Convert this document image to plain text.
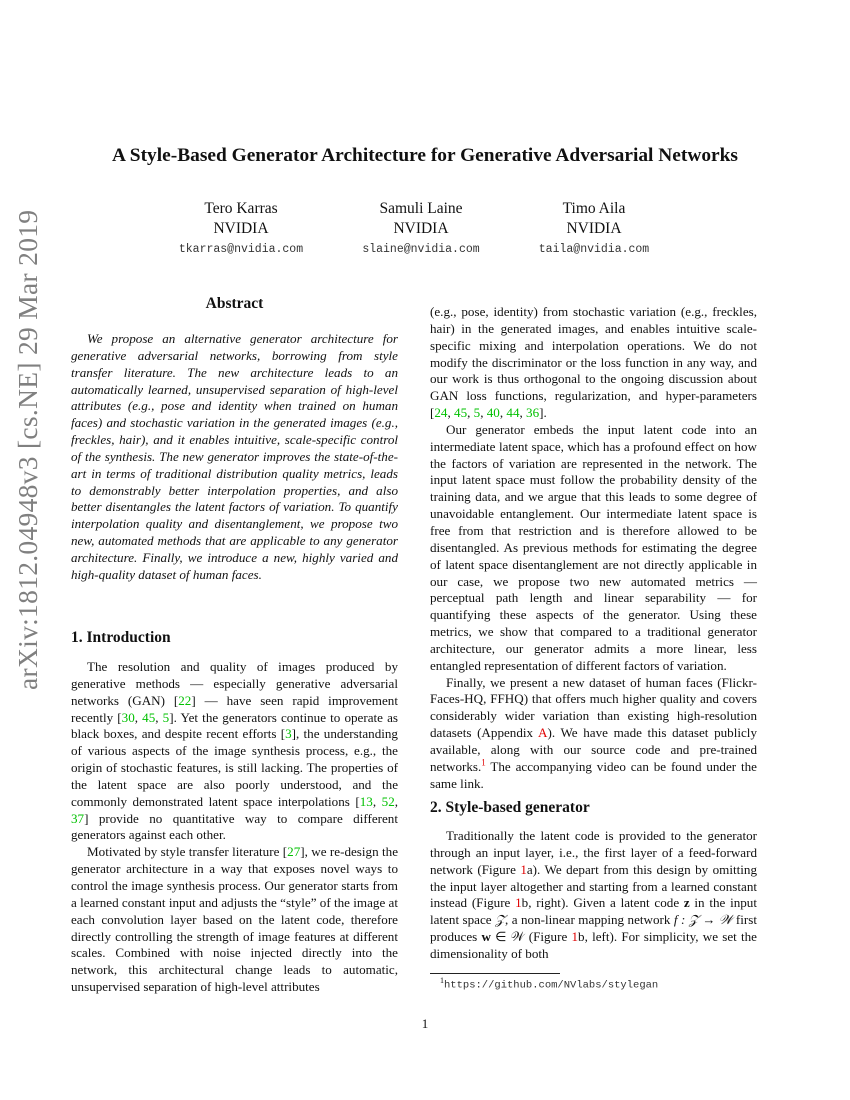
A Style-Based Generator Architecture for Generative Adversarial Networks
Tero Karras
NVIDIA
tkarras@nvidia.com
Samuli Laine
NVIDIA
slaine@nvidia.com
Timo Aila
NVIDIA
taila@nvidia.com
arXiv:1812.04948v3 [cs.NE] 29 Mar 2019	Abstract

We propose an alternative generator architecture for generative adversarial networks, borrowing from style transfer literature. The new architecture leads to an automatically learned, unsupervised separation of high-level attributes (e.g., pose and identity when trained on human faces) and stochastic variation in the generated images (e.g., freckles, hair), and it enables intuitive, scale-specific control of the synthesis. The new generator improves the state-of-the-art in terms of traditional distribution quality metrics, leads to demonstrably better interpolation properties, and also better disentangles the latent factors of variation. To quantify interpolation quality and disentanglement, we propose two new, automated methods that are applicable to any generator architecture. Finally, we introduce a new, highly varied and high-quality dataset of human faces.

1. Introduction

The resolution and quality of images produced by generative methods — especially generative adversarial networks (GAN) [22] — have seen rapid improvement recently [30, 45, 5]. Yet the generators continue to operate as black boxes, and despite recent efforts [3], the understanding of various aspects of the image synthesis process, e.g., the origin of stochastic features, is still lacking. The properties of the latent space are also poorly understood, and the commonly demonstrated latent space interpolations [13, 52, 37] provide no quantitative way to compare different generators against each other.

Motivated by style transfer literature [27], we re-design the generator architecture in a way that exposes novel ways to control the image synthesis process. Our generator starts from a learned constant input and adjusts the “style” of the image at each convolution layer based on the latent code, therefore directly controlling the strength of image features at different scales. Combined with noise injected directly into the network, this architectural change leads to automatic, unsupervised separation of high-level attributes

(e.g., pose, identity) from stochastic variation (e.g., freckles, hair) in the generated images, and enables intuitive scale-specific mixing and interpolation operations. We do not modify the discriminator or the loss function in any way, and our work is thus orthogonal to the ongoing discussion about GAN loss functions, regularization, and hyper-parameters [24, 45, 5, 40, 44, 36].

Our generator embeds the input latent code into an intermediate latent space, which has a profound effect on how the factors of variation are represented in the network. The input latent space must follow the probability density of the training data, and we argue that this leads to some degree of unavoidable entanglement. Our intermediate latent space is free from that restriction and is therefore allowed to be disentangled. As previous methods for estimating the degree of latent space disentanglement are not directly applicable in our case, we propose two new automated metrics — perceptual path length and linear separability — for quantifying these aspects of the generator. Using these metrics, we show that compared to a traditional generator architecture, our generator admits a more linear, less entangled representation of different factors of variation.

Finally, we present a new dataset of human faces (Flickr-Faces-HQ, FFHQ) that offers much higher quality and covers considerably wider variation than existing high-resolution datasets (Appendix A). We have made this dataset publicly available, along with our source code and pre-trained networks.$^1$ The accompanying video can be found under the same link.

2. Style-based generator

Traditionally the latent code is provided to the generator through an input layer, i.e., the first layer of a feed-forward network (Figure 1a). We depart from this design by omitting the input layer altogether and starting from a learned constant instead (Figure 1b, right). Given a latent code z in the input latent space 𝒵, a non-linear mapping network f : 𝒵 → 𝒲 first produces w ∈ 𝒲 (Figure 1b, left). For simplicity, we set the dimensionality of both

$^1$https://github.com/NVlabs/stylegan
1
